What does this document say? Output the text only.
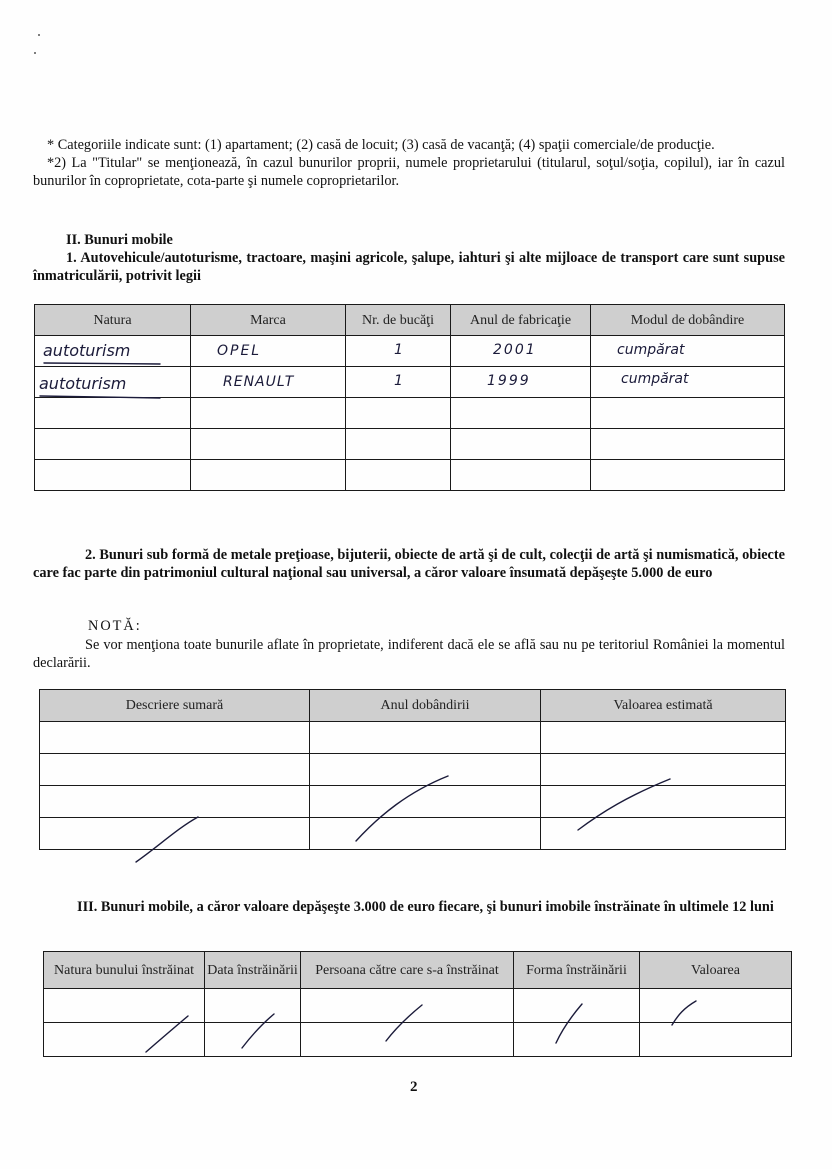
* Categoriile indicate sunt: (1) apartament; (2) casă de locuit; (3) casă de vacanţă; (4) spaţii comerciale/de producţie.

*2) La "Titular" se menţionează, în cazul bunurilor proprii, numele proprietarului (titularul, soţul/soţia, copilul), iar în cazul bunurilor în coproprietate, cota-parte şi numele coproprietarilor.

II. Bunuri mobile

1. Autovehicule/autoturisme, tractoare, maşini agricole, şalupe, iahturi şi alte mijloace de transport care sunt supuse înmatriculării, potrivit legii

Natura	Marca	Nr. de bucăţi	Anul de fabricaţie	Modul de dobândire

autoturism	OPEL	1	2001	cumpărat

autoturism	RENAULT	1	1999	cumpărat

2. Bunuri sub formă de metale preţioase, bijuterii, obiecte de artă şi de cult, colecţii de artă şi numismatică, obiecte care fac parte din patrimoniul cultural naţional sau universal, a căror valoare însumată depăşeşte 5.000 de euro

NOTĂ:

Se vor menţiona toate bunurile aflate în proprietate, indiferent dacă ele se află sau nu pe teritoriul României la momentul declarării.

Descriere sumară	Anul dobândirii	Valoarea estimată

III. Bunuri mobile, a căror valoare depăşeşte 3.000 de euro fiecare, şi bunuri imobile înstrăinate în ultimele 12 luni

Natura bunului înstrăinat	Data înstrăinării	Persoana către care s-a înstrăinat	Forma înstrăinării	Valoarea

2
